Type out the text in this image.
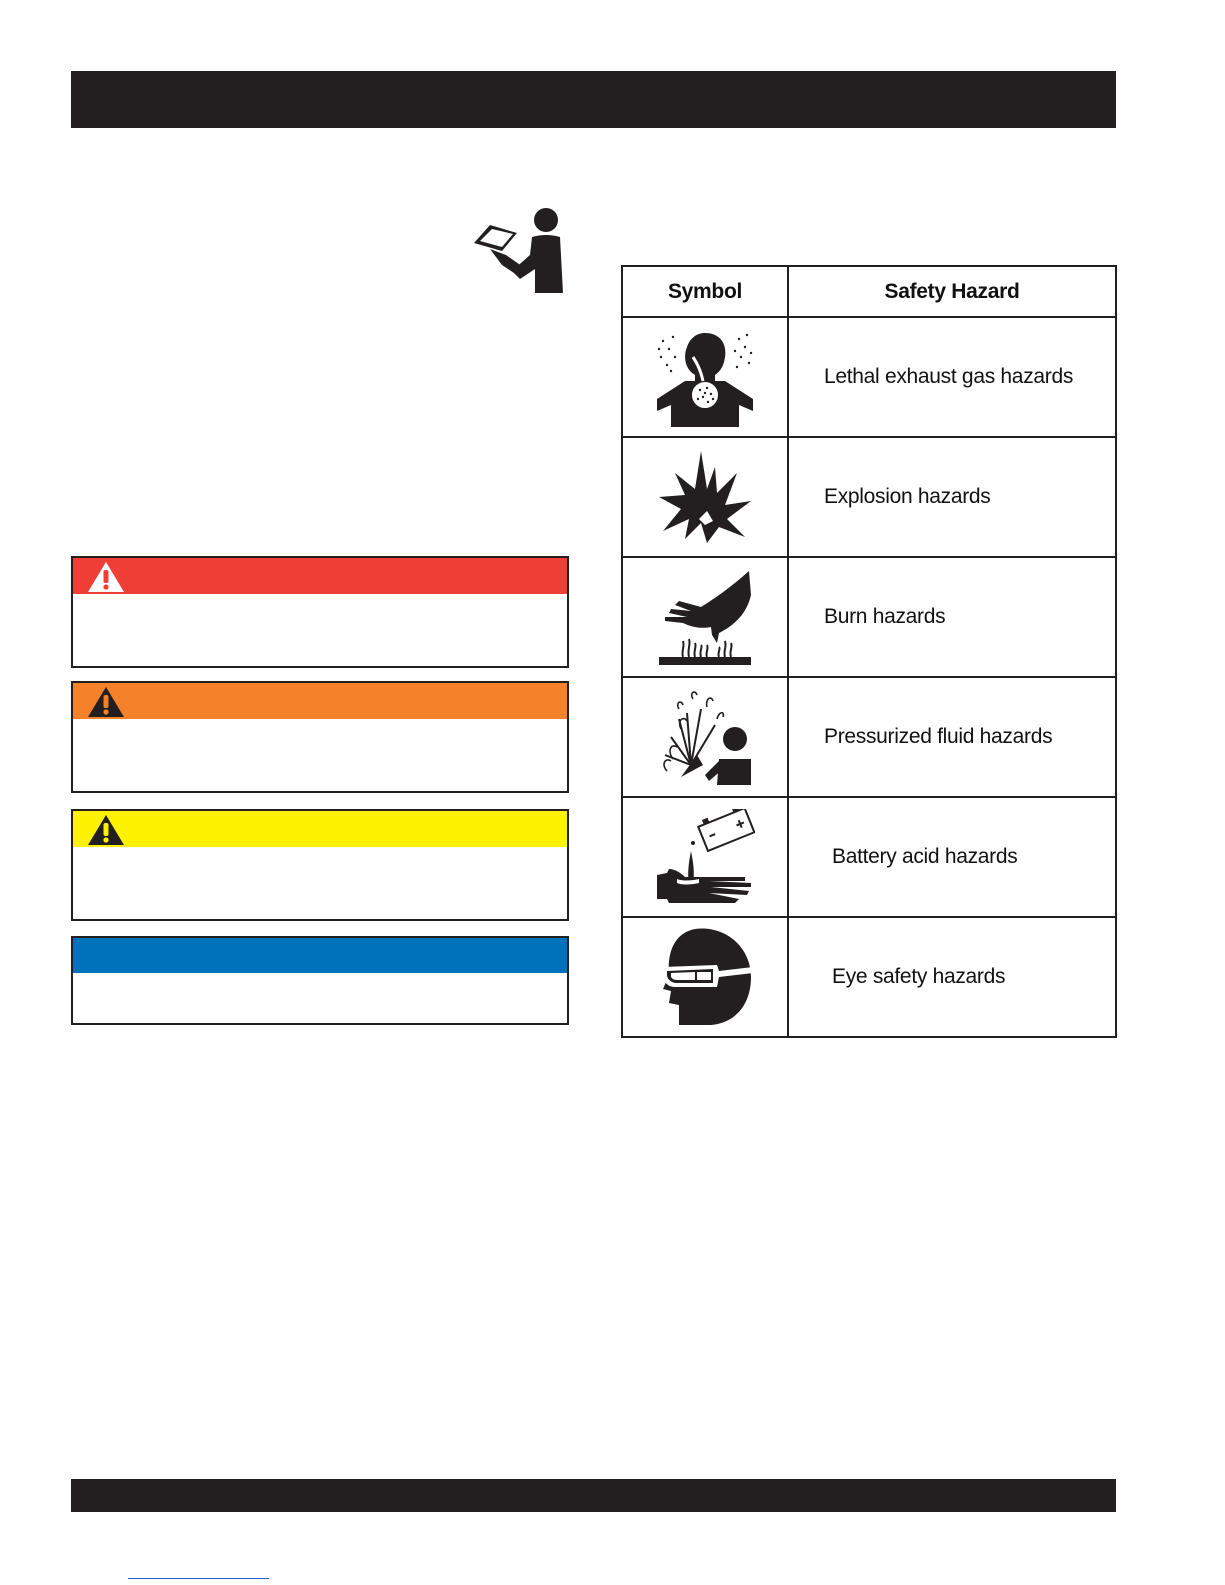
Symbol	Safety Hazard

	Lethal exhaust gas hazards

	Explosion hazards

	Burn hazards

	Pressurized fluid hazards

	Battery acid hazards

	Eye safety hazards
